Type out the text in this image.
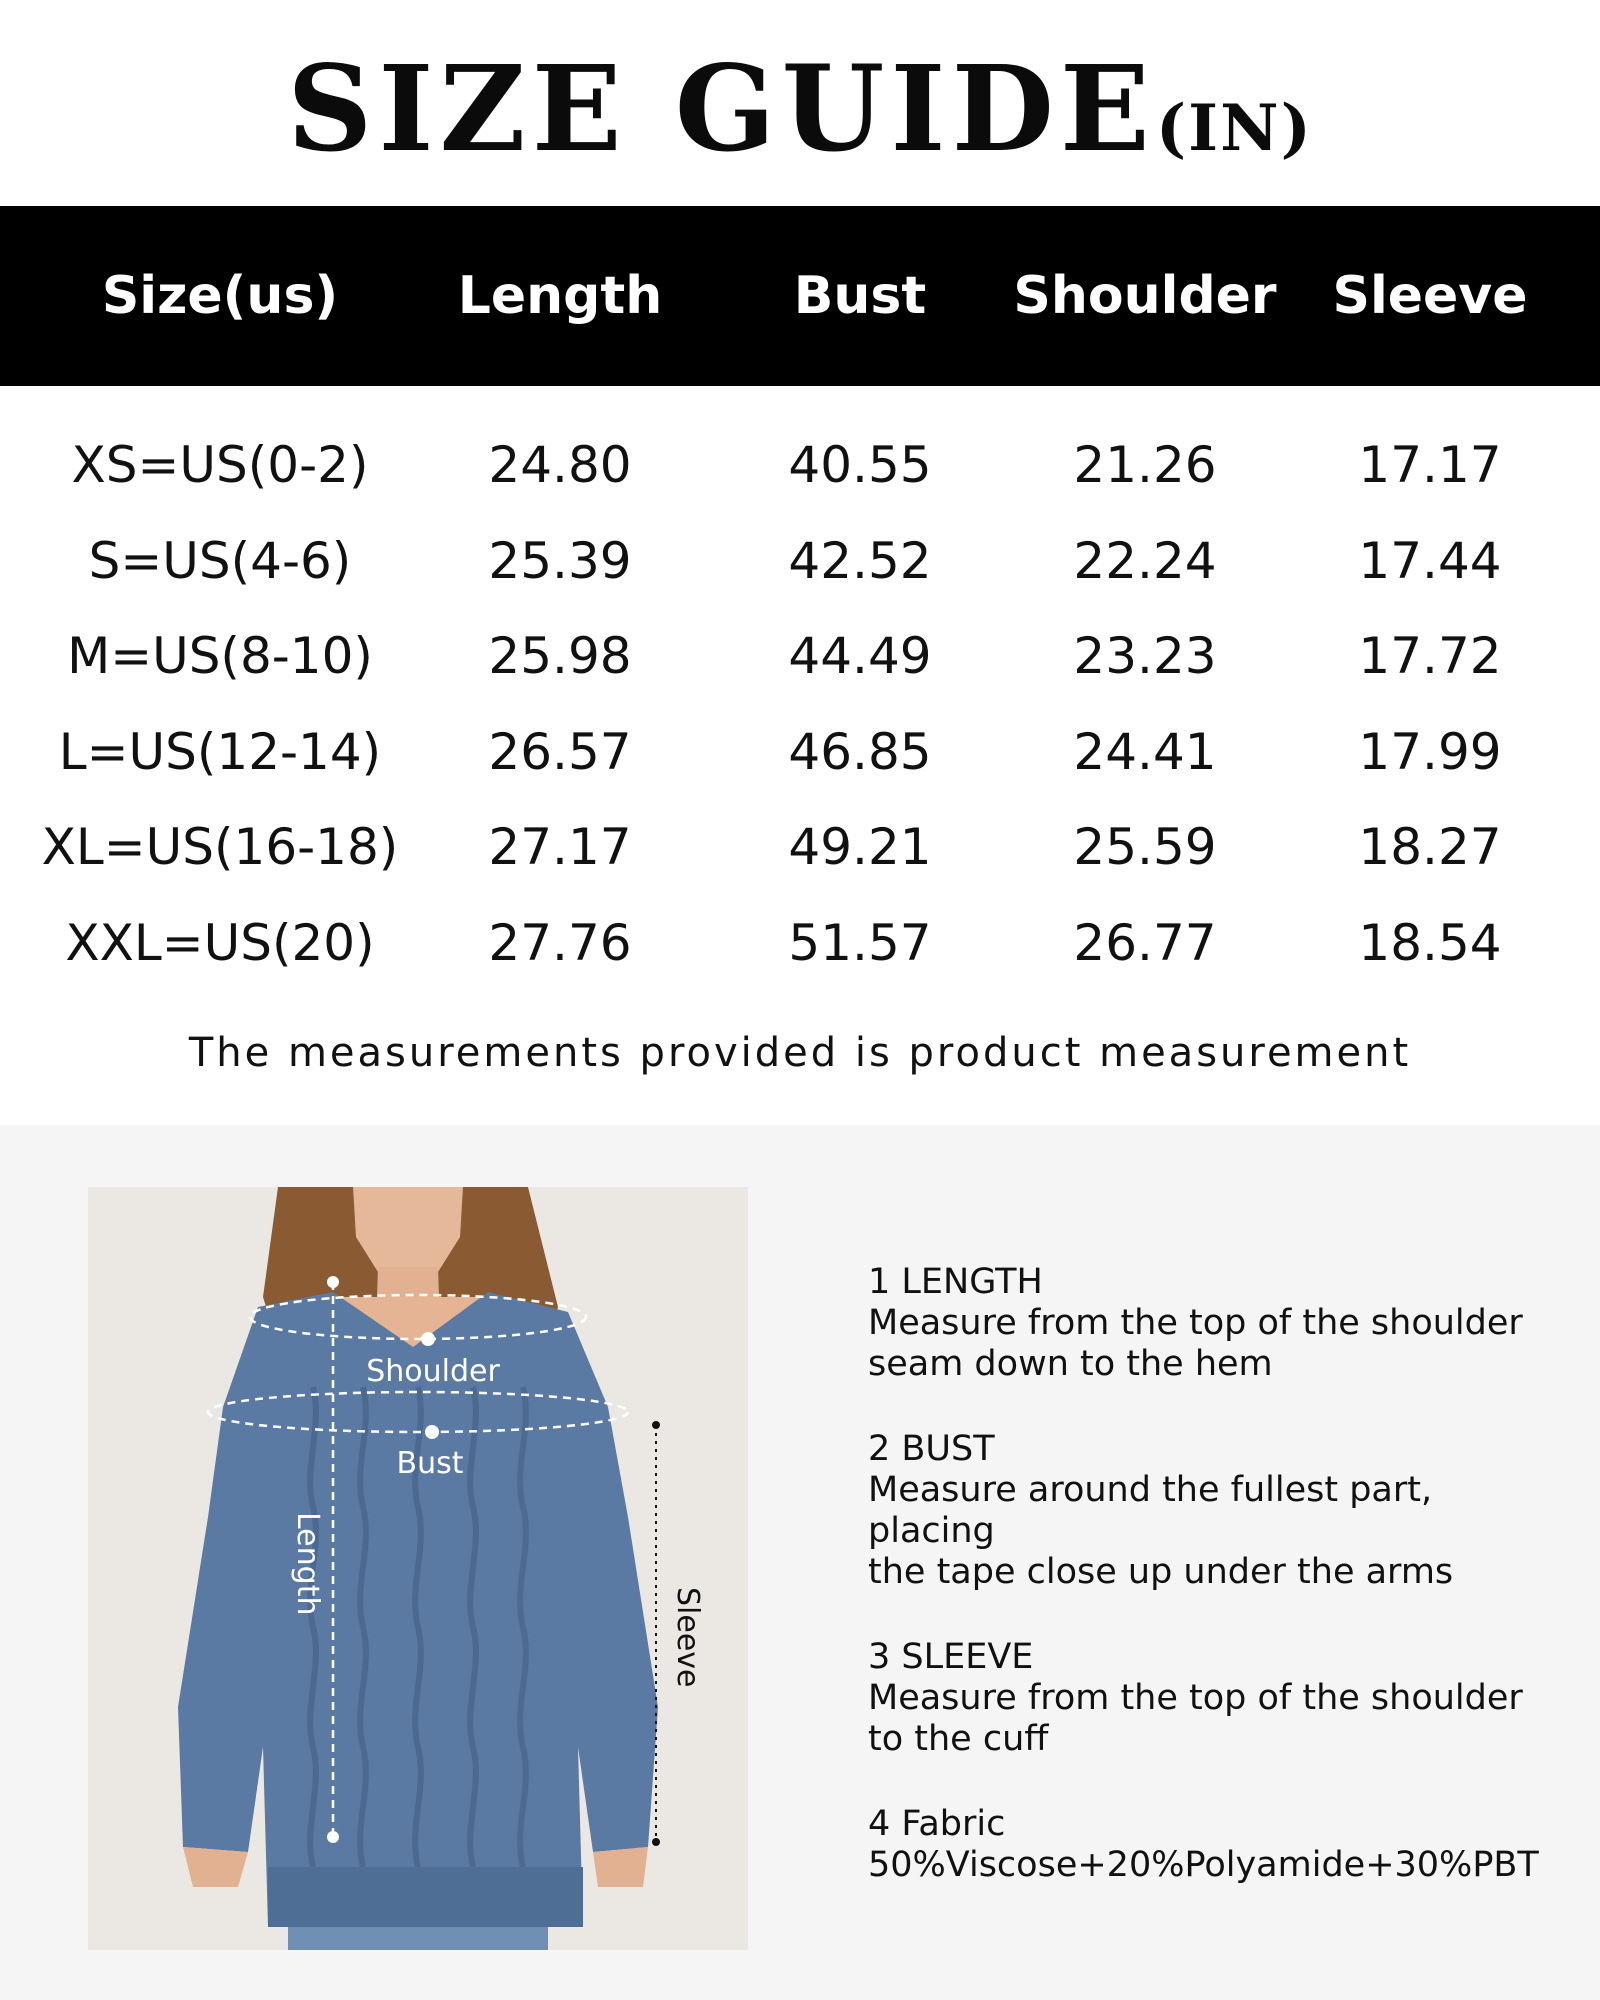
SIZE GUIDE(IN)
Size(us)	Length	Bust	Shoulder	Sleeve
XS=US(0-2)	24.80	40.55	21.26	17.17
S=US(4-6)	25.39	42.52	22.24	17.44
M=US(8-10)	25.98	44.49	23.23	17.72
L=US(12-14)	26.57	46.85	24.41	17.99
XL=US(16-18)	27.17	49.21	25.59	18.27
XXL=US(20)	27.76	51.57	26.77	18.54
The measurements provided is product measurement
Shoulder
Bust
Length
Sleeve
1 LENGTH
Measure from the top of the shoulder
seam down to the hem
2 BUST
Measure around the fullest part, placing
the tape close up under the arms
3 SLEEVE
Measure from the top of the shoulder
to the cuff
4 Fabric
50%Viscose+20%Polyamide+30%PBT
